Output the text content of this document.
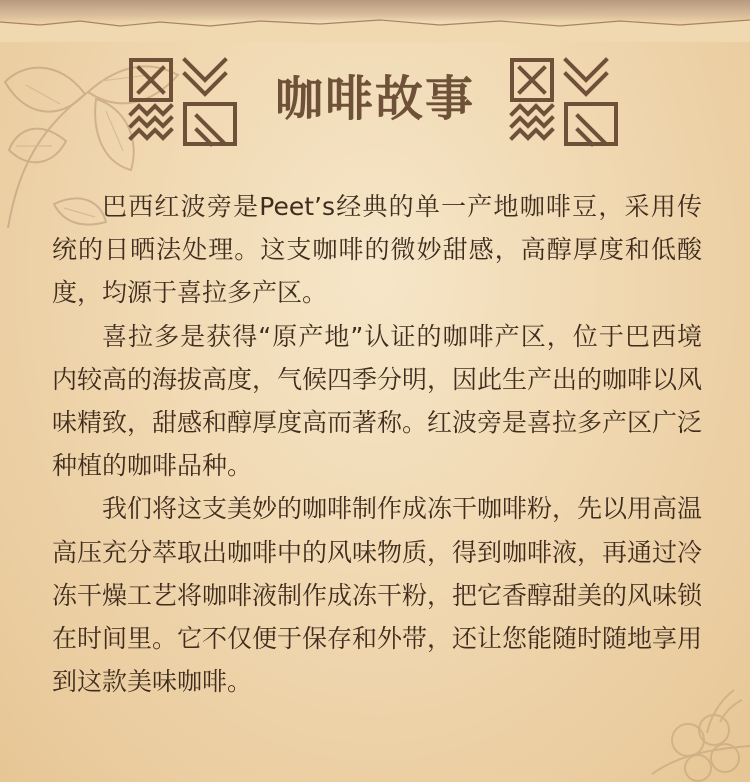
咖啡故事

巴西红波旁是Peet’s经典的单一产地咖啡豆，采用传统的日晒法处理。这支咖啡的微妙甜感，高醇厚度和低酸度，均源于喜拉多产区。

喜拉多是获得“原产地”认证的咖啡产区，位于巴西境内较高的海拔高度，气候四季分明，因此生产出的咖啡以风味精致，甜感和醇厚度高而著称。红波旁是喜拉多产区广泛种植的咖啡品种。

我们将这支美妙的咖啡制作成冻干咖啡粉，先以用高温高压充分萃取出咖啡中的风味物质，得到咖啡液，再通过冷冻干燥工艺将咖啡液制作成冻干粉，把它香醇甜美的风味锁在时间里。它不仅便于保存和外带，还让您能随时随地享用到这款美味咖啡。
